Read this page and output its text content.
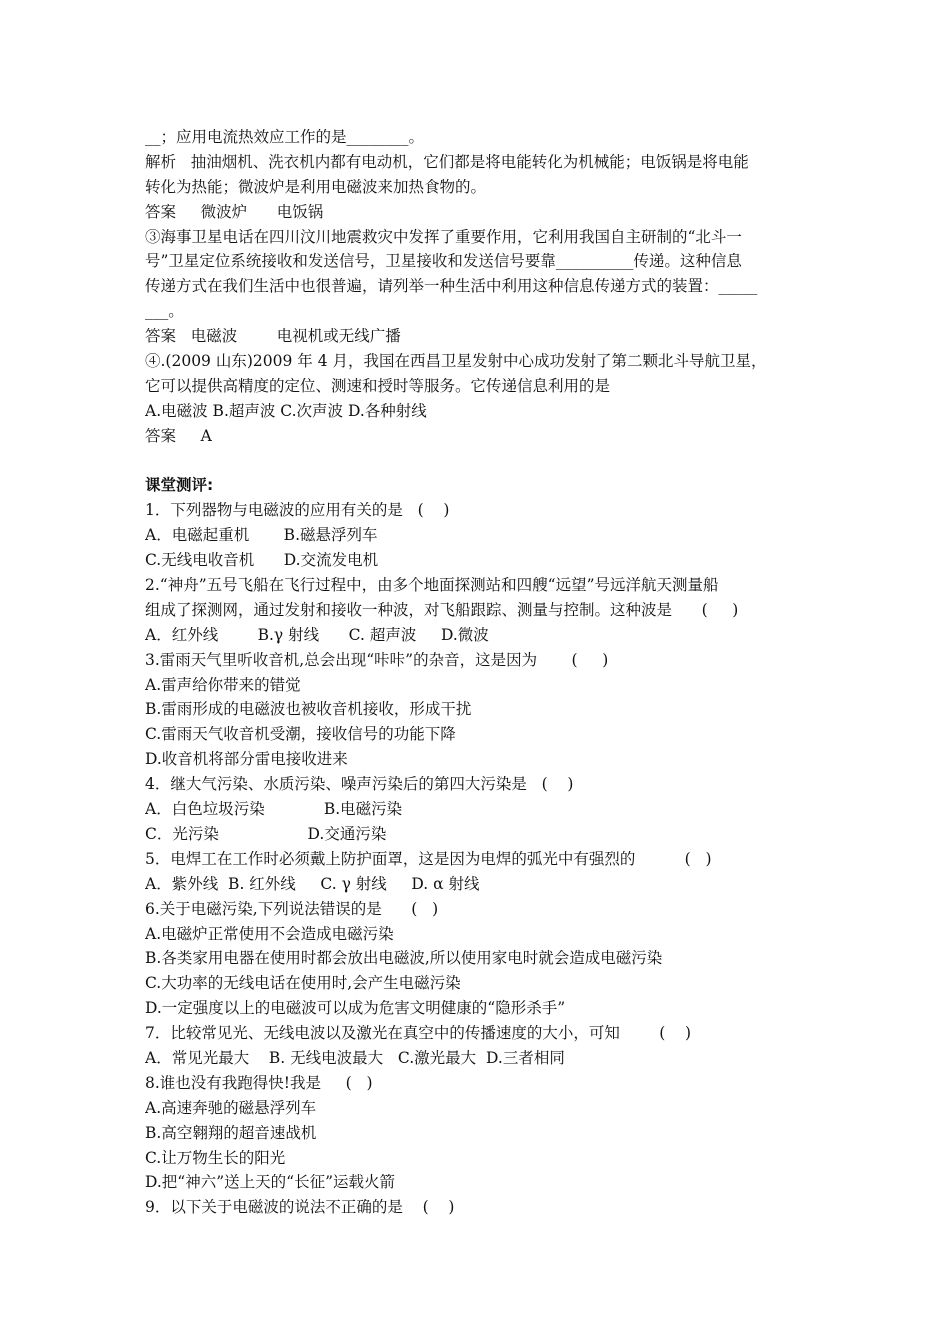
__；应用电流热效应工作的是________。
解析   抽油烟机、洗衣机内都有电动机，它们都是将电能转化为机械能；电饭锅是将电能
转化为热能；微波炉是利用电磁波来加热食物的。
答案     微波炉      电饭锅
③海事卫星电话在四川汶川地震救灾中发挥了重要作用，它利用我国自主研制的“北斗一
号”卫星定位系统接收和发送信号，卫星接收和发送信号要靠__________传递。这种信息
传递方式在我们生活中也很普遍，请列举一种生活中利用这种信息传递方式的装置：_____
___。
答案   电磁波        电视机或无线广播
④.(2009 山东)2009 年 4 月，我国在西昌卫星发射中心成功发射了第二颗北斗导航卫星，
它可以提供高精度的定位、测速和授时等服务。它传递信息利用的是
A.电磁波 B.超声波 C.次声波 D.各种射线
答案     A
课堂测评:
1．下列器物与电磁波的应用有关的是   (    )
A．电磁起重机       B.磁悬浮列车
C.无线电收音机      D.交流发电机
2.“神舟”五号飞船在飞行过程中，由多个地面探测站和四艘“远望”号远洋航天测量船
组成了探测网，通过发射和接收一种波，对飞船跟踪、测量与控制。这种波是      (     )
A．红外线        B.γ 射线      C. 超声波     D.微波
3.雷雨天气里听收音机,总会出现“咔咔”的杂音，这是因为       (     )
A.雷声给你带来的错觉
B.雷雨形成的电磁波也被收音机接收，形成干扰
C.雷雨天气收音机受潮，接收信号的功能下降
D.收音机将部分雷电接收进来
4．继大气污染、水质污染、噪声污染后的第四大污染是   (    )
A．白色垃圾污染            B.电磁污染
C．光污染                  D.交通污染
5．电焊工在工作时必须戴上防护面罩，这是因为电焊的弧光中有强烈的          (   )
A．紫外线  B. 红外线     C. γ 射线     D. α 射线
6.关于电磁污染,下列说法错误的是      (   )
A.电磁炉正常使用不会造成电磁污染
B.各类家用电器在使用时都会放出电磁波,所以使用家电时就会造成电磁污染
C.大功率的无线电话在使用时,会产生电磁污染
D.一定强度以上的电磁波可以成为危害文明健康的“隐形杀手”
7．比较常见光、无线电波以及激光在真空中的传播速度的大小，可知        (    )
A．常见光最大    B. 无线电波最大   C.激光最大  D.三者相同
8.谁也没有我跑得快!我是     (   )
A.高速奔驰的磁悬浮列车
B.高空翱翔的超音速战机
C.让万物生长的阳光
D.把“神六”送上天的“长征”运载火箭
9．以下关于电磁波的说法不正确的是    (    )
